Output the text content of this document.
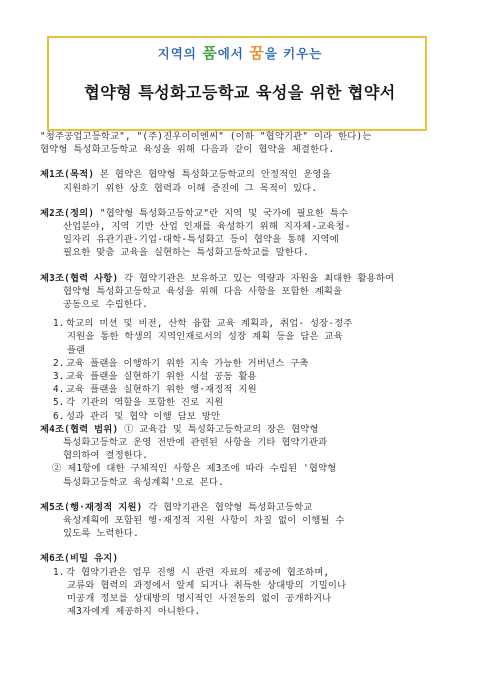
지역의 품에서 꿈을 키우는
협약형 특성화고등학교 육성을 위한 협약서
"청주공업고등학교", "(주)진우이이엔씨" (이하 "협약기관" 이라 한다)는
협약형 특성화고등학교 육성을 위해 다음과 같이 협약을 체결한다.
제1조(목적) 본 협약은 협약형 특성화고등학교의 안정적인 운영을
지원하기 위한 상호 협력과 이해 증진에 그 목적이 있다.
제2조(정의) "협약형 특성화고등학교"란 지역 및 국가에 필요한 특수
산업분야, 지역 기반 산업 인재를 육성하기 위해 지자체-교육청-
일자리 유관기관-기업-대학-특성화고 등이 협약을 통해 지역에
필요한 맞춤 교육을 실현하는 특성화고등학교를 말한다.
제3조(협력 사항) 각 협약기관은 보유하고 있는 역량과 자원을 최대한 활용하여
협약형 특성화고등학교 육성을 위해 다음 사항을 포함한 계획을
공동으로 수립한다.
1.학교의 미션 및 비전, 산학 융합 교육 계획과, 취업- 성장-정주
지원을 통한 학생의 지역인재로서의 성장 계획 등을 담은 교육
플랜
2.교육 플랜을 이행하기 위한 지속 가능한 거버넌스 구축
3.교육 플랜을 실현하기 위한 시설 공동 활용
4.교육 플랜을 실현하기 위한 행·재정적 지원
5.각 기관의 역할을 포함한 진로 지원
6.성과 관리 및 협약 이행 담보 방안
제4조(협력 범위) ① 교육감 및 특성화고등학교의 장은 협약형
특성화고등학교 운영 전반에 관련된 사항을 기타 협약기관과
협의하여 결정한다.
② 제1항에 대한 구체적인 사항은 제3조에 따라 수립된 '협약형
특성화고등학교 육성계획'으로 본다.
제5조(행·재정적 지원) 각 협약기관은 협약형 특성화고등학교
육성계획에 포함된 행·재정적 지원 사항이 차질 없이 이행될 수
있도록 노력한다.
제6조(비밀 유지)
1.각 협약기관은 업무 진행 시 관련 자료의 제공에 협조하며,
교류와 협력의 과정에서 알게 되거나 취득한 상대방의 기밀이나
미공개 정보를 상대방의 명시적인 사전동의 없이 공개하거나
제3자에게 제공하지 아니한다.
